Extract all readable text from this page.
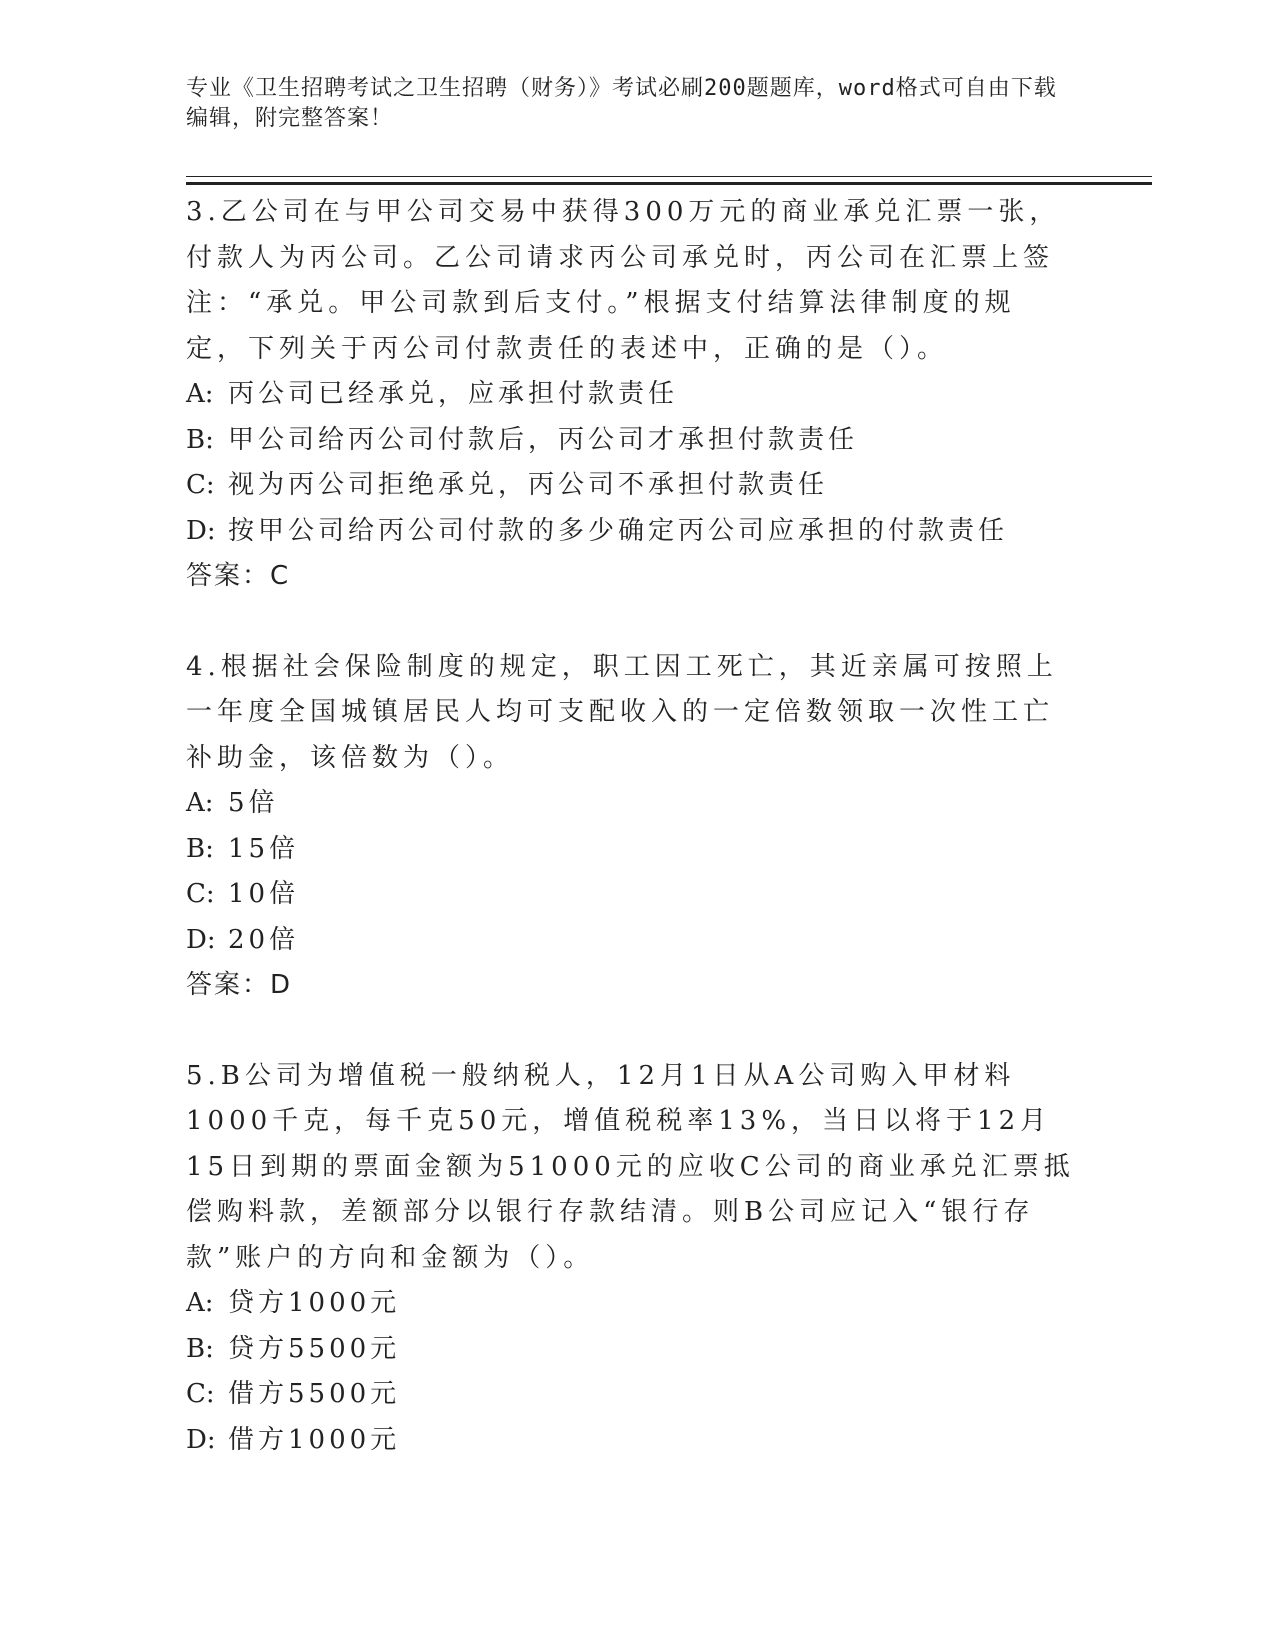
专业《卫生招聘考试之卫生招聘（财务）》考试必刷200题题库，word格式可自由下载编辑，附完整答案！

3.乙公司在与甲公司交易中获得300万元的商业承兑汇票一张，付款人为丙公司。乙公司请求丙公司承兑时，丙公司在汇票上签注：“承兑。甲公司款到后支付。”根据支付结算法律制度的规定，下列关于丙公司付款责任的表述中，正确的是（）。

A: 丙公司已经承兑，应承担付款责任

B: 甲公司给丙公司付款后，丙公司才承担付款责任

C: 视为丙公司拒绝承兑，丙公司不承担付款责任

D: 按甲公司给丙公司付款的多少确定丙公司应承担的付款责任

答案：C

4.根据社会保险制度的规定，职工因工死亡，其近亲属可按照上一年度全国城镇居民人均可支配收入的一定倍数领取一次性工亡补助金，该倍数为（）。

A: 5倍

B: 15倍

C: 10倍

D: 20倍

答案：D

5.B公司为增值税一般纳税人，12月1日从A公司购入甲材料1000千克，每千克50元，增值税税率13%，当日以将于12月15日到期的票面金额为51000元的应收C公司的商业承兑汇票抵偿购料款，差额部分以银行存款结清。则B公司应记入“银行存款”账户的方向和金额为（）。

A: 贷方1000元

B: 贷方5500元

C: 借方5500元

D: 借方1000元
